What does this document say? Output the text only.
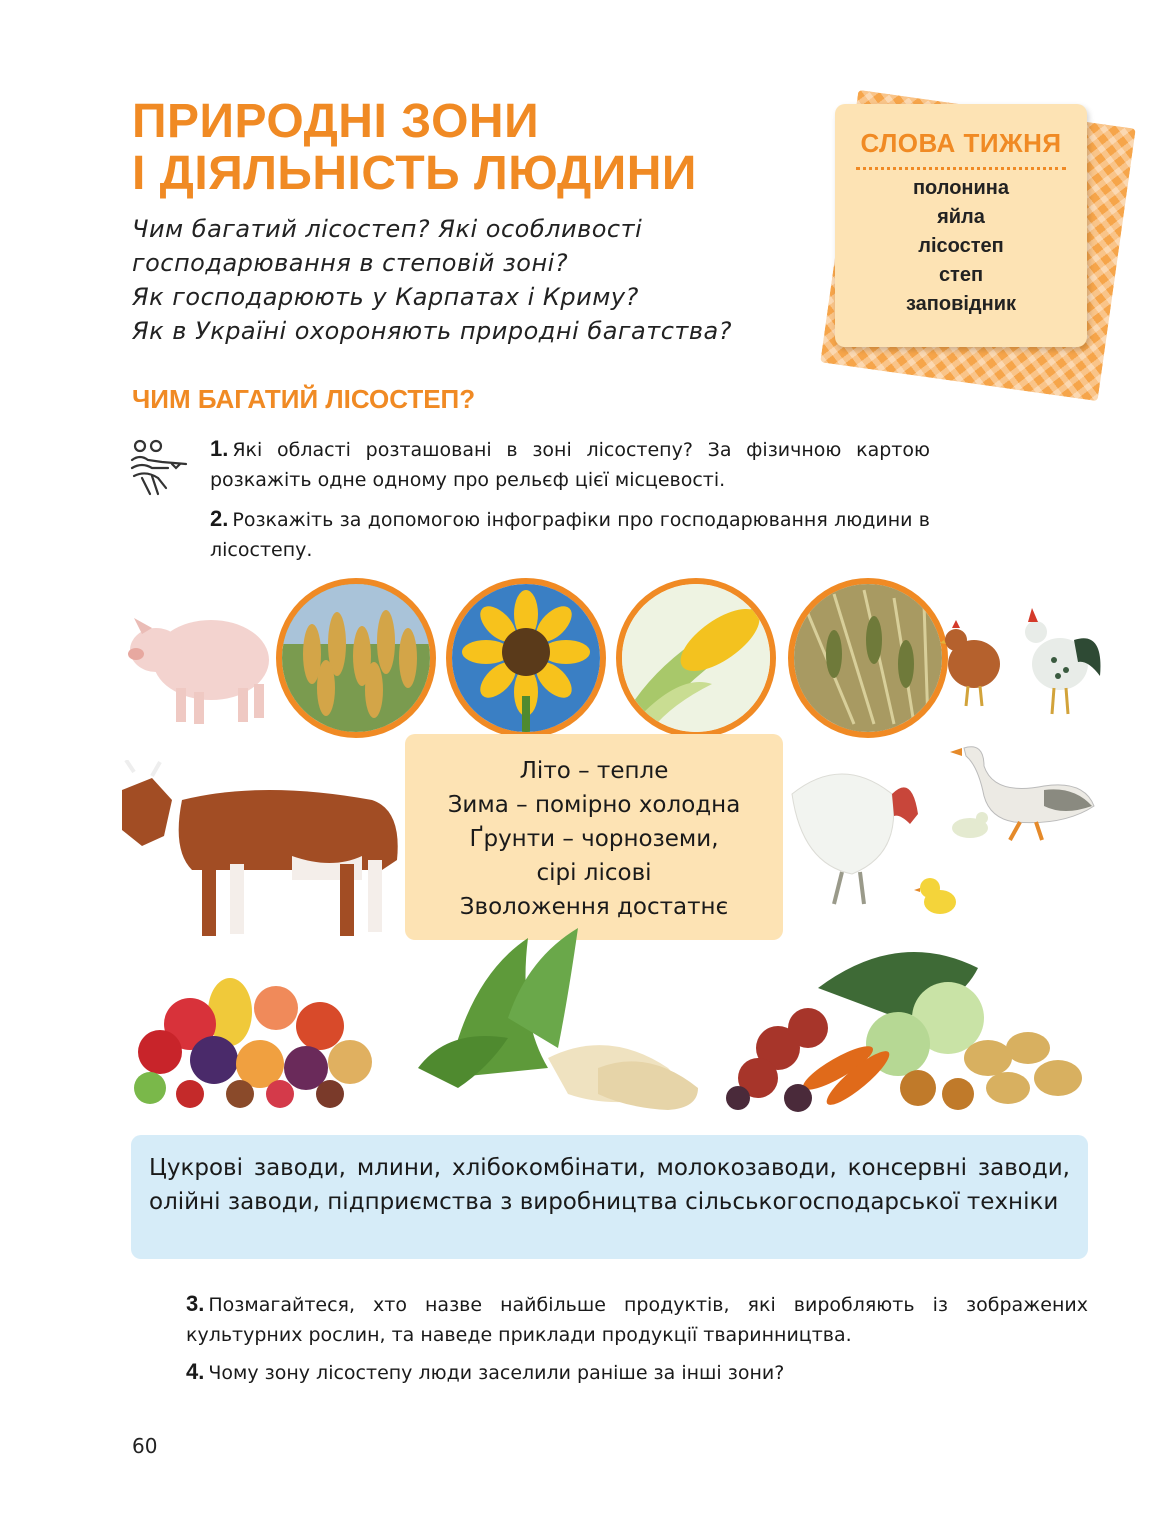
ПРИРОДНІ ЗОНИ
І ДІЯЛЬНІСТЬ ЛЮДИНИ
Чим багатий лісостеп? Які особливості
господарювання в степовій зоні?
Як господарюють у Карпатах і Криму?
Як в Україні охороняють природні багатства?
СЛОВА ТИЖНЯ
полонина
яйла
лісостеп
степ
заповідник
ЧИМ БАГАТИЙ ЛІСОСТЕП?
1. Які області розташовані в зоні лісостепу? За фізичною картою розкажіть одне одному про рельєф цієї місцевості.
2. Розкажіть за допомогою інфографіки про господарювання людини в лісостепу.
Літо – тепле
Зима – помірно холодна
Ґрунти – чорноземи,
сірі лісові
Зволоження достатнє

Цукрові заводи, млини, хлібокомбінати, молокозаводи, консервні заводи, олійні заводи, підприємства з виробництва сільськогосподарської техніки

3. Позмагайтеся, хто назве найбільше продуктів, які виробляють із зображених культурних рослин, та наведе приклади продукції тваринництва.
4. Чому зону лісостепу люди заселили раніше за інші зони?
60
